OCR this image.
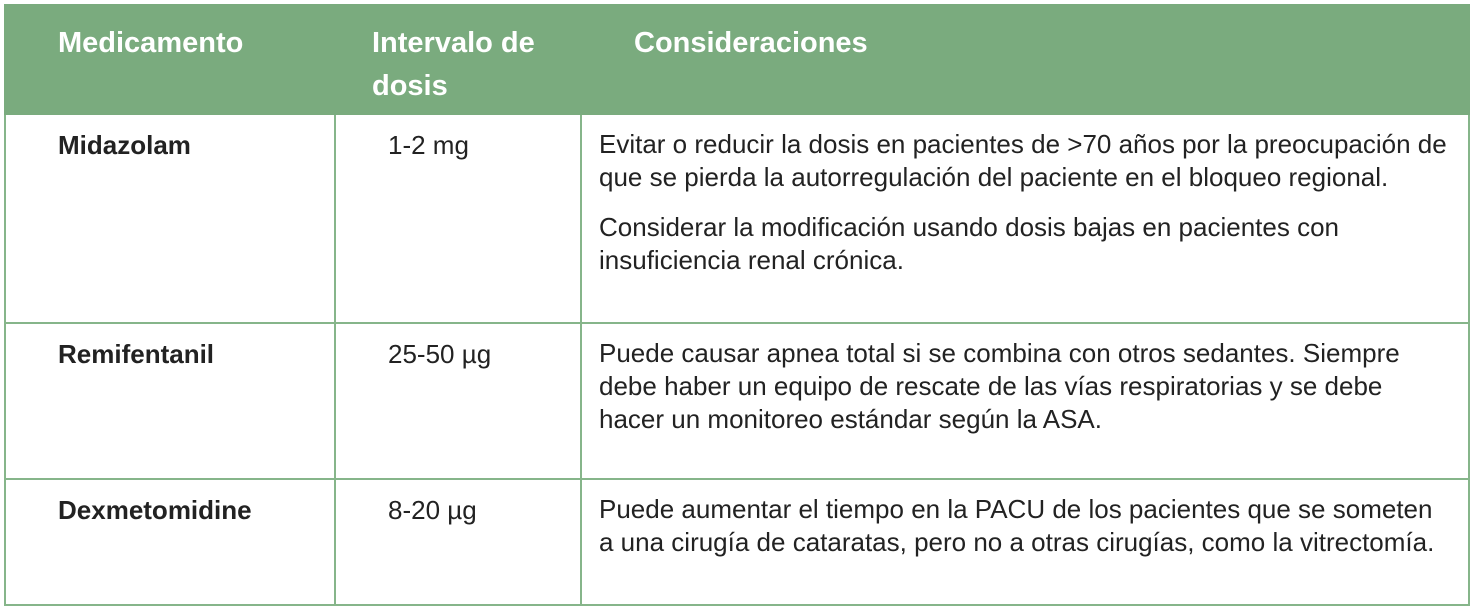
Medicamento	Intervalo de dosis	Consideraciones
Midazolam	1-2 mg	Evitar o reducir la dosis en pacientes de >70 años por la preocupación de que se pierda la autorregulación del paciente en el bloqueo regional.

Considerar la modificación usando dosis bajas en pacientes con insuficiencia renal crónica.

Remifentanil	25-50 µg	Puede causar apnea total si se combina con otros sedantes. Siempre debe haber un equipo de rescate de las vías respiratorias y se debe hacer un monitoreo estándar según la ASA.

Dexmetomidine	8-20 µg	Puede aumentar el tiempo en la PACU de los pacientes que se someten a una cirugía de cataratas, pero no a otras cirugías, como la vitrectomía.
